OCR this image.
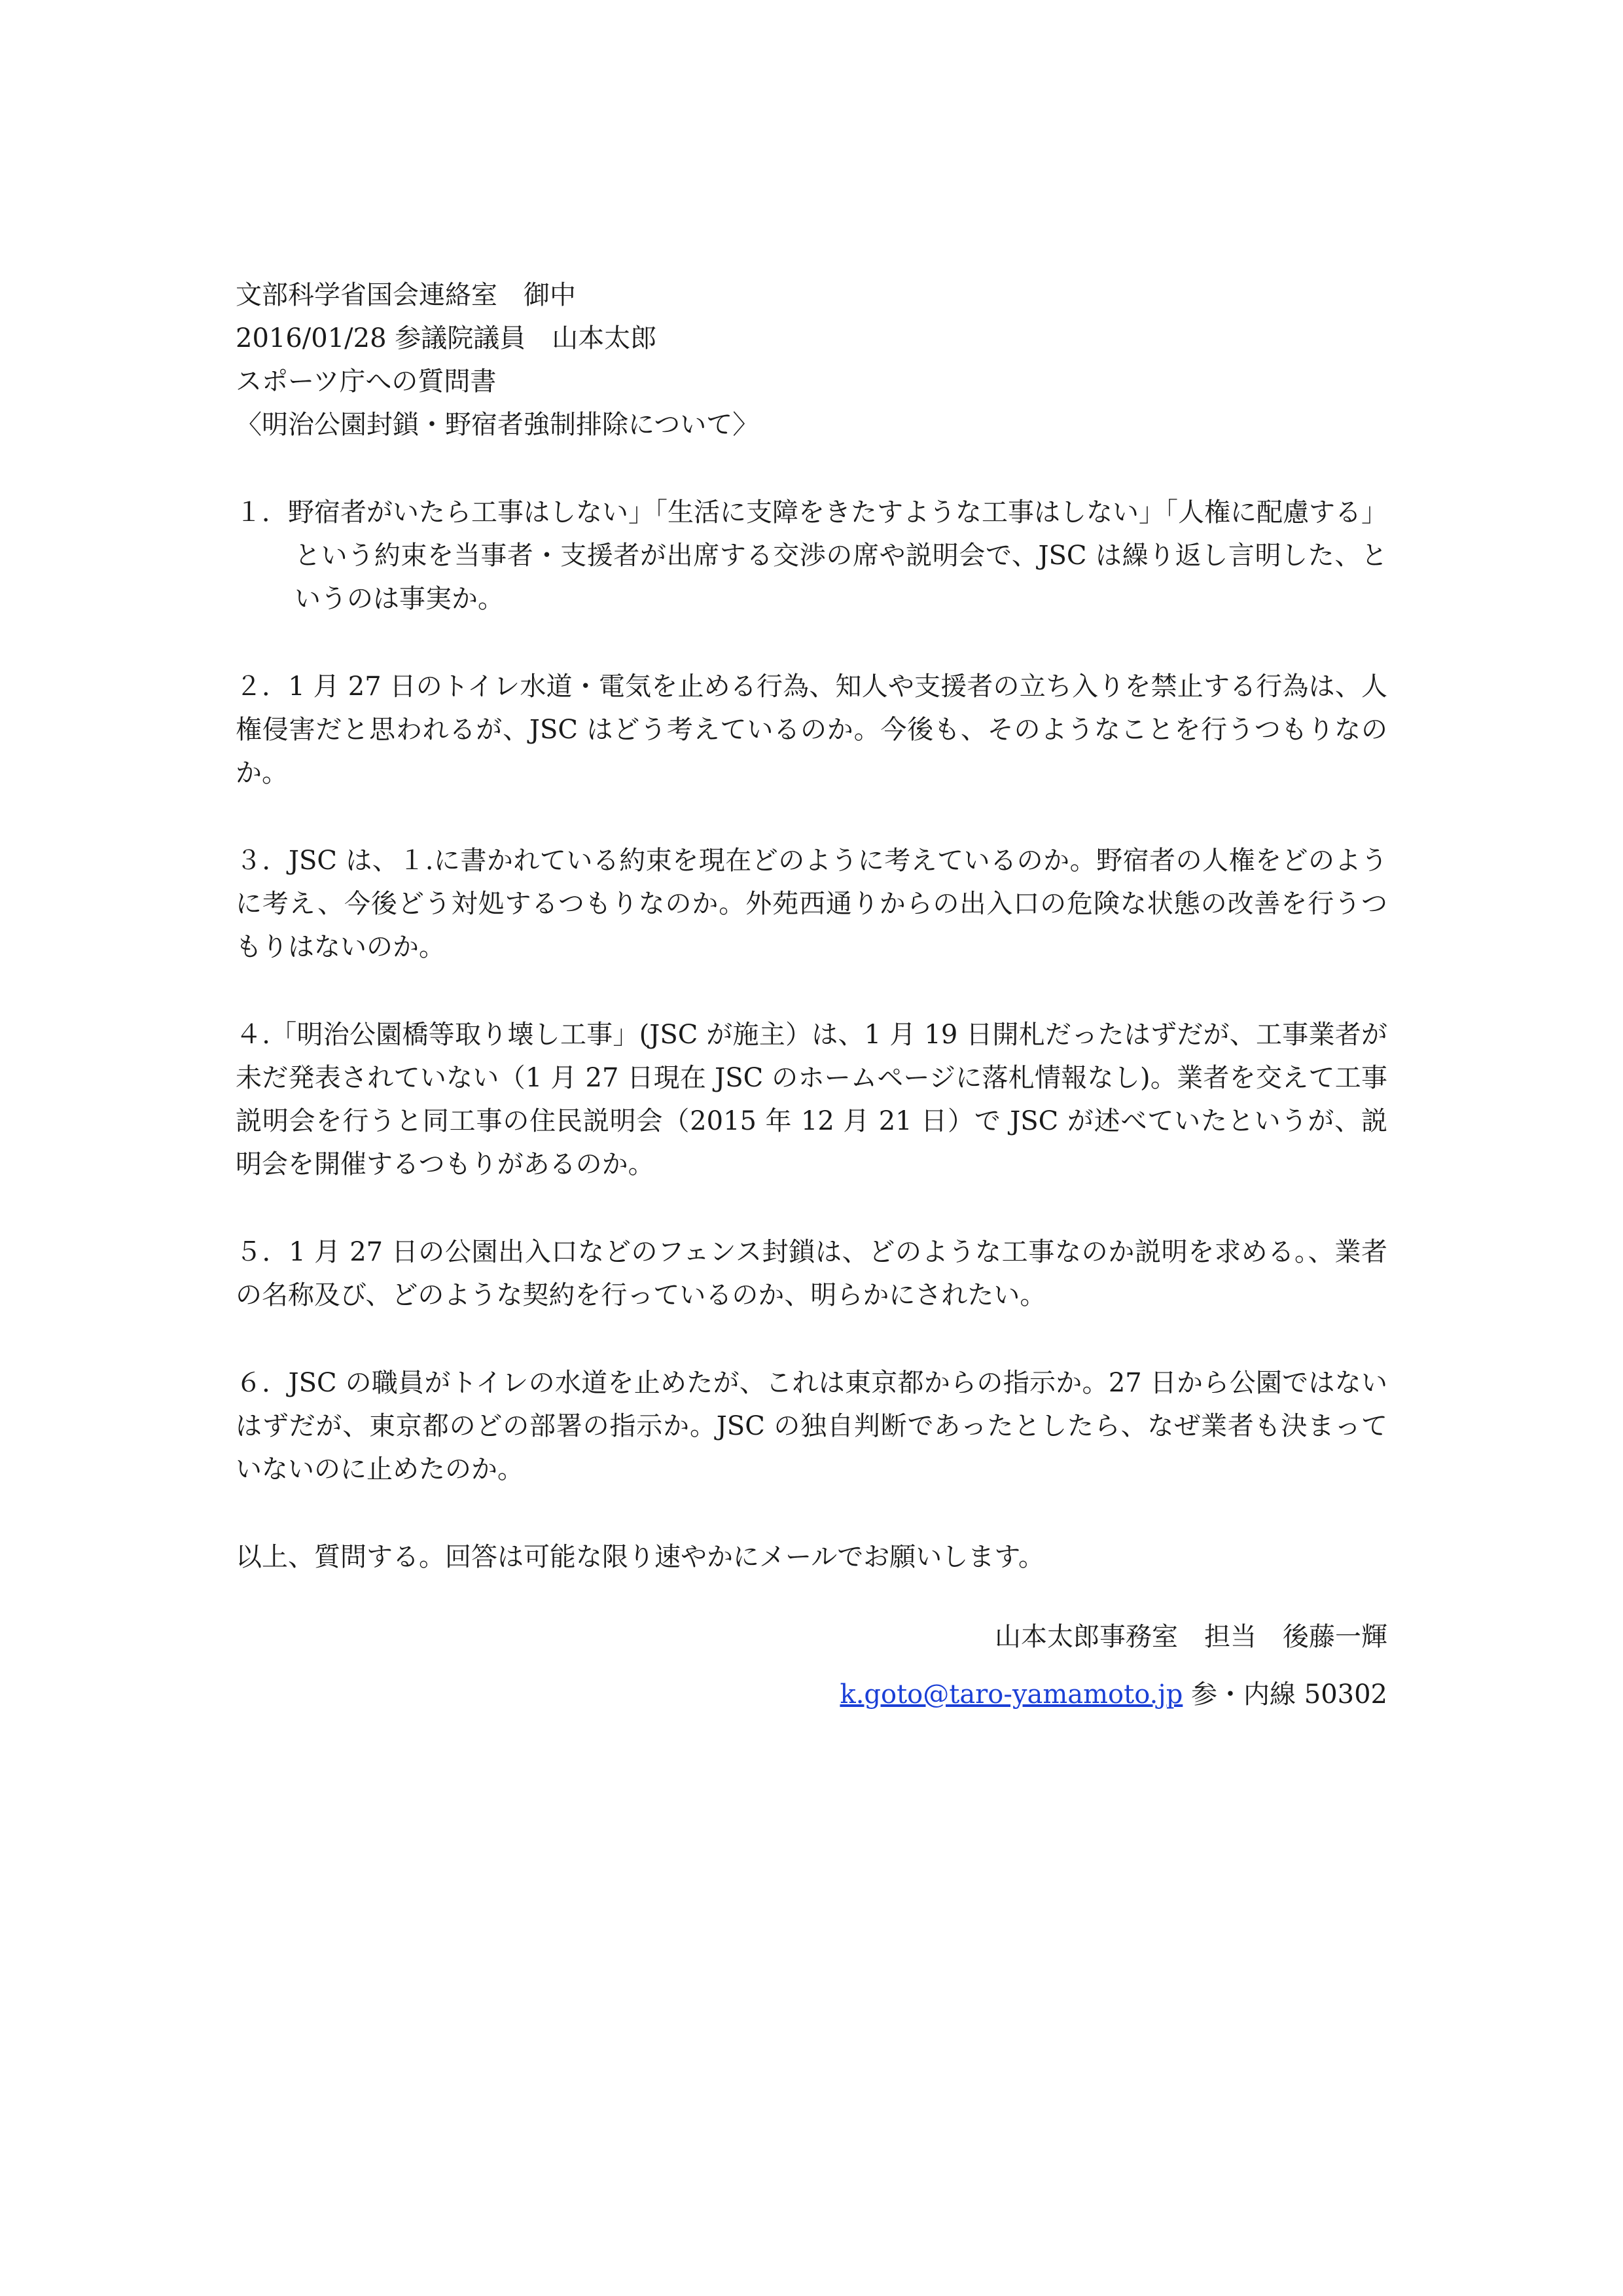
文部科学省国会連絡室　御中

2016/01/28 参議院議員　山本太郎

スポーツ庁への質問書

〈明治公園封鎖・野宿者強制排除について〉

１．野宿者がいたら工事はしない」「生活に支障をきたすような工事はしない」「人権に配慮する」という約束を当事者・支援者が出席する交渉の席や説明会で、JSC は繰り返し言明した、というのは事実か。

２．1 月 27 日のトイレ水道・電気を止める行為、知人や支援者の立ち入りを禁止する行為は、人権侵害だと思われるが、JSC はどう考えているのか。今後も、そのようなことを行うつもりなのか。

３．JSC は、１.に書かれている約束を現在どのように考えているのか。野宿者の人権をどのように考え、今後どう対処するつもりなのか。外苑西通りからの出入口の危険な状態の改善を行うつもりはないのか。

４.「明治公園橋等取り壊し工事」(JSC が施主）は、1 月 19 日開札だったはずだが、工事業者が未だ発表されていない（1 月 27 日現在 JSC のホームページに落札情報なし)。業者を交えて工事説明会を行うと同工事の住民説明会（2015 年 12 月 21 日）で JSC が述べていたというが、説明会を開催するつもりがあるのか。

５．1 月 27 日の公園出入口などのフェンス封鎖は、どのような工事なのか説明を求める。、業者の名称及び、どのような契約を行っているのか、明らかにされたい。

６．JSC の職員がトイレの水道を止めたが、これは東京都からの指示か。27 日から公園ではないはずだが、東京都のどの部署の指示か。JSC の独自判断であったとしたら、なぜ業者も決まっていないのに止めたのか。

以上、質問する。回答は可能な限り速やかにメールでお願いします。

山本太郎事務室　担当　後藤一輝

k.goto@taro-yamamoto.jp 参・内線 50302
